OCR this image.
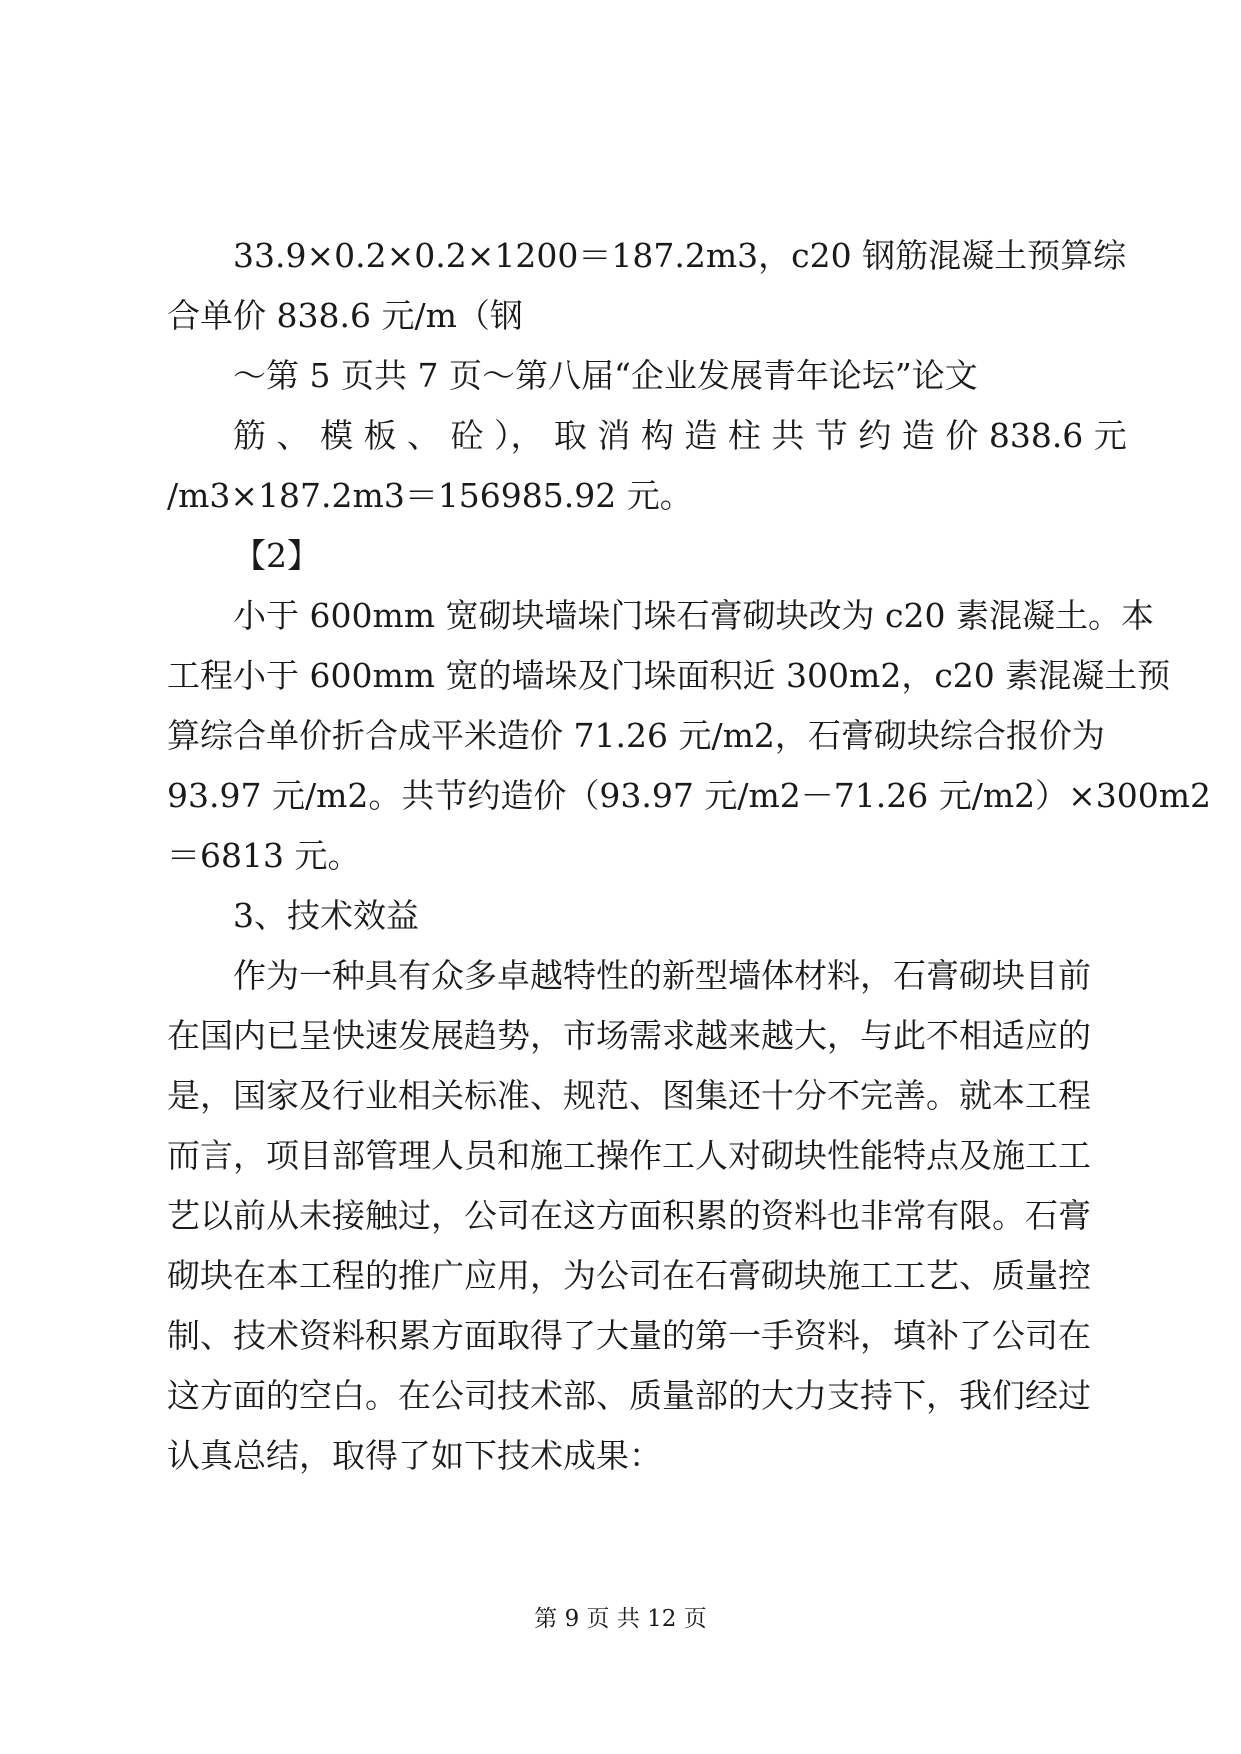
33.9×0.2×0.2×1200＝187.2m3，c20 钢筋混凝土预算综
合单价 838.6 元/m（钢
～第 5 页共 7 页～第八届“企业发展青年论坛”论文
筋 、 模 板 、 砼 ）， 取 消 构 造 柱 共 节 约 造 价 838.6 元
/m3×187.2m3＝156985.92 元。
【2】
小于 600mm 宽砌块墙垛门垛石膏砌块改为 c20 素混凝土。本
工程小于 600mm 宽的墙垛及门垛面积近 300m2，c20 素混凝土预
算综合单价折合成平米造价 71.26 元/m2，石膏砌块综合报价为
93.97 元/m2。共节约造价（93.97 元/m2－71.26 元/m2）×300m2
＝6813 元。
3、技术效益
作为一种具有众多卓越特性的新型墙体材料，石膏砌块目前
在国内已呈快速发展趋势，市场需求越来越大，与此不相适应的
是，国家及行业相关标准、规范、图集还十分不完善。就本工程
而言，项目部管理人员和施工操作工人对砌块性能特点及施工工
艺以前从未接触过，公司在这方面积累的资料也非常有限。石膏
砌块在本工程的推广应用，为公司在石膏砌块施工工艺、质量控
制、技术资料积累方面取得了大量的第一手资料，填补了公司在
这方面的空白。在公司技术部、质量部的大力支持下，我们经过
认真总结，取得了如下技术成果：
第 9 页 共 12 页
